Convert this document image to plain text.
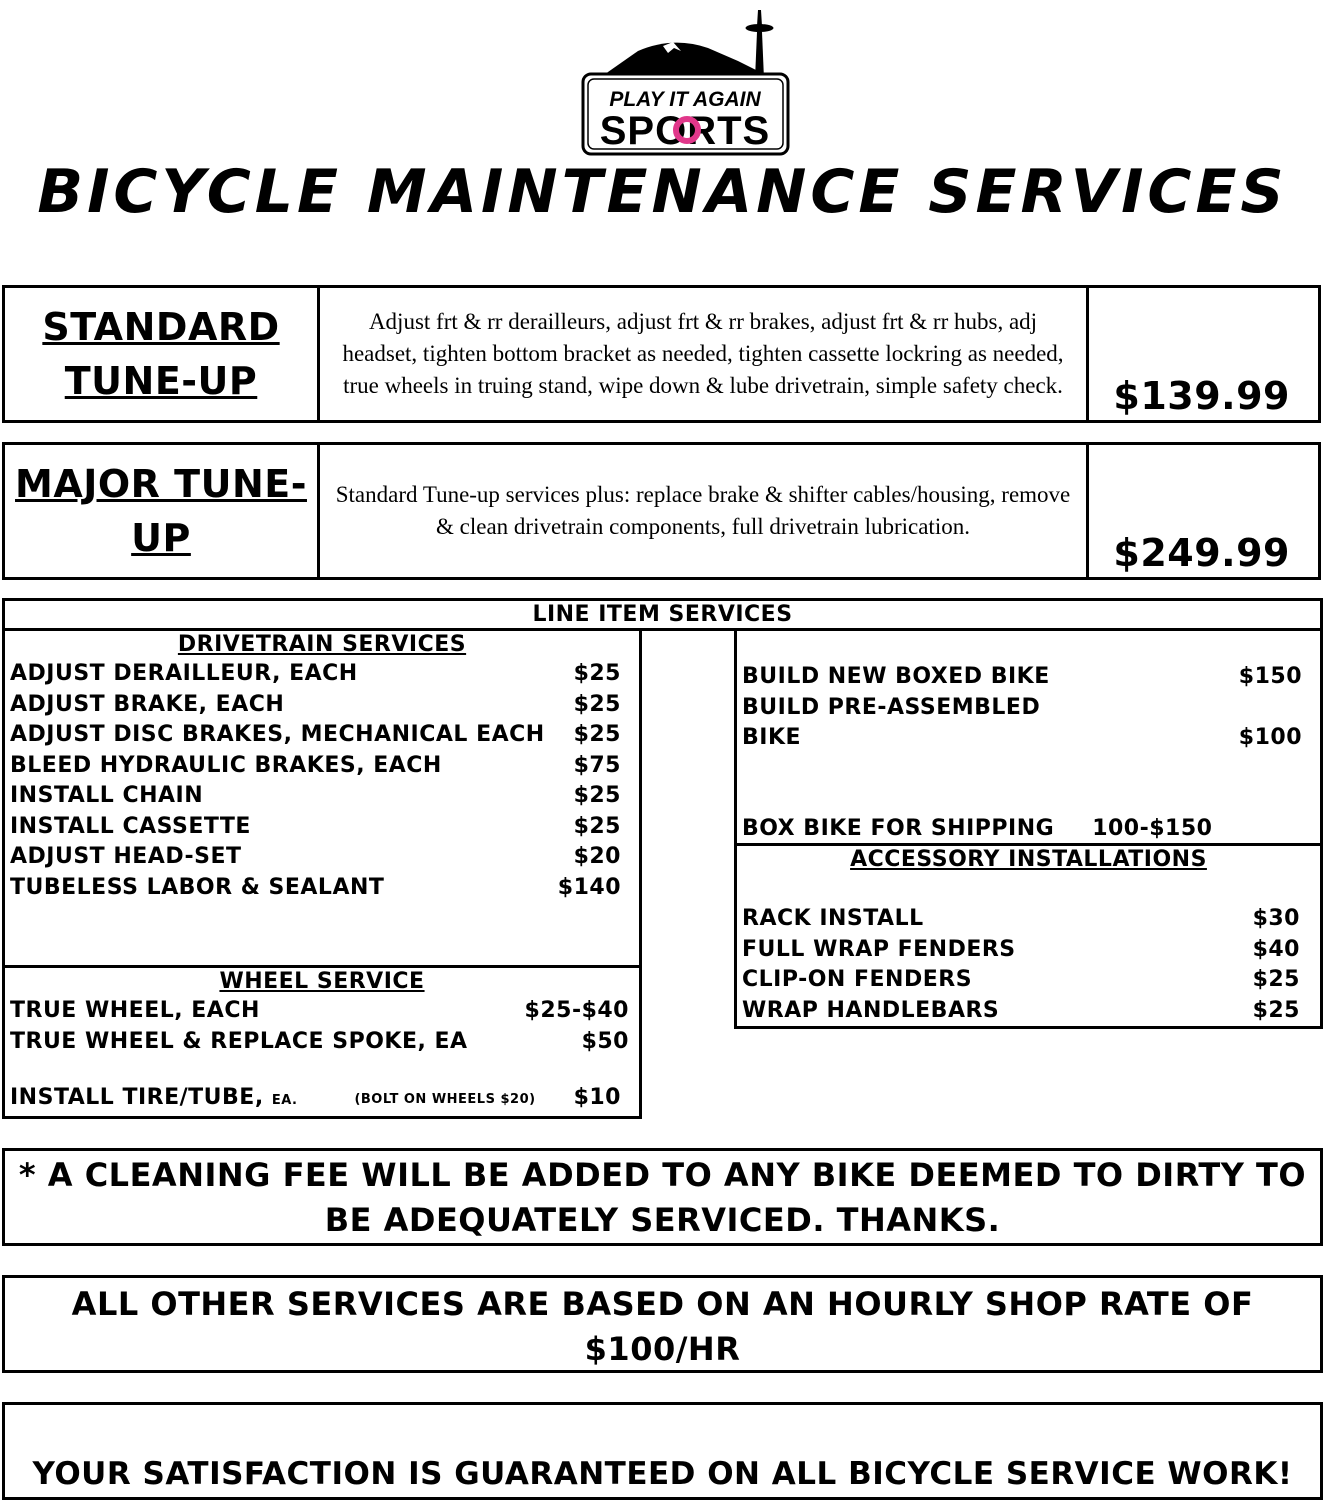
PLAY IT AGAIN
SPORTS
BICYCLE MAINTENANCE SERVICES
STANDARD TUNE-UP
Adjust frt & rr derailleurs, adjust frt & rr brakes, adjust frt & rr hubs, adj headset, tighten bottom bracket as needed, tighten cassette lockring as needed, true wheels in truing stand, wipe down & lube drivetrain, simple safety check.	$139.99
MAJOR TUNE-UP
Standard Tune-up services plus: replace brake & shifter cables/housing, remove & clean drivetrain components, full drivetrain lubrication.
$249.99
LINE ITEM SERVICES
DRIVETRAIN SERVICES
ADJUST DERAILLEUR, EACH	$25
ADJUST BRAKE, EACH	$25
ADJUST DISC BRAKES, MECHANICAL EACH $25
BLEED HYDRAULIC BRAKES, EACH	$75
INSTALL CHAIN	$25
INSTALL CASSETTE	$25
ADJUST HEAD-SET	$20
TUBELESS LABOR & SEALANT	$140
WHEEL SERVICE
TRUE WHEEL, EACH	$25-$40
TRUE WHEEL & REPLACE SPOKE, EA	$50
INSTALL TIRE/TUBE, EA.	(BOLT ON WHEELS $20) $10
BUILD NEW BOXED BIKE	$150
BUILD PRE-ASSEMBLED
BIKE	$100
BOX BIKE FOR SHIPPING 100-$150
ACCESSORY INSTALLATIONS
RACK INSTALL	$30
FULL WRAP FENDERS	$40
CLIP-ON FENDERS	$25
WRAP HANDLEBARS	$25
* A CLEANING FEE WILL BE ADDED TO ANY BIKE DEEMED TO DIRTY TO BE ADEQUATELY SERVICED. THANKS.
ALL OTHER SERVICES ARE BASED ON AN HOURLY SHOP RATE OF $100/HR
YOUR SATISFACTION IS GUARANTEED ON ALL BICYCLE SERVICE WORK!
